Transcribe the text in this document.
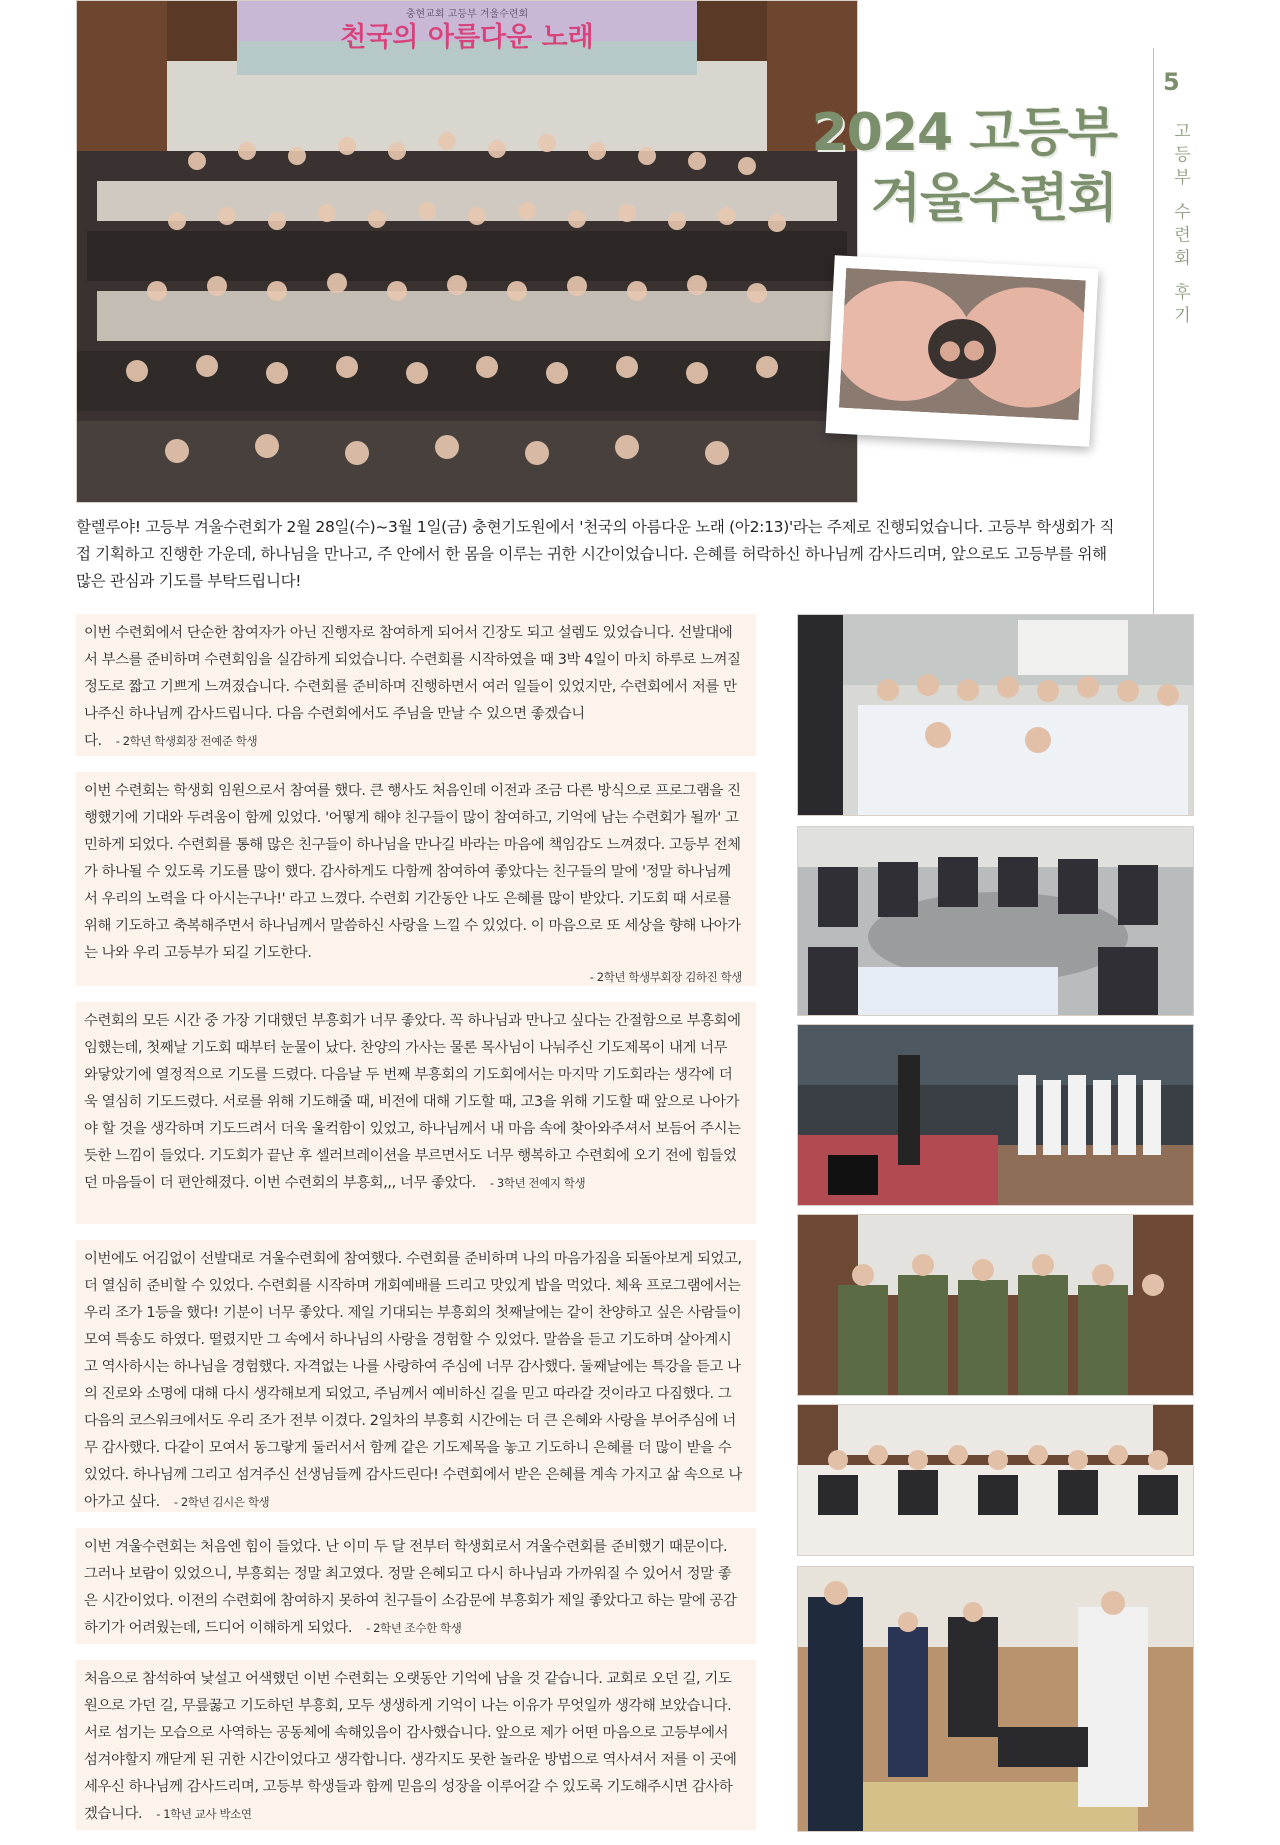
충현교회 고등부 겨울수련회
천국의 아름다운 노래
2024 고등부
겨울수련회
5
고등부 수련회 후기
할렐루야! 고등부 겨울수련회가 2월 28일(수)~3월 1일(금) 충현기도원에서 '천국의 아름다운 노래 (아2:13)'라는 주제로 진행되었습니다. 고등부 학생회가 직접 기획하고 진행한 가운데, 하나님을 만나고, 주 안에서 한 몸을 이루는 귀한 시간이었습니다. 은혜를 허락하신 하나님께 감사드리며, 앞으로도 고등부를 위해 많은 관심과 기도를 부탁드립니다!
이번 수련회에서 단순한 참여자가 아닌 진행자로 참여하게 되어서 긴장도 되고 설렘도 있었습니다. 선발대에서 부스를 준비하며 수련회임을 실감하게 되었습니다. 수련회를 시작하였을 때 3박 4일이 마치 하루로 느껴질 정도로 짧고 기쁘게 느껴졌습니다. 수련회를 준비하며 진행하면서 여러 일들이 있었지만, 수련회에서 저를 만나주신 하나님께 감사드립니다. 다음 수련회에서도 주님을 만날 수 있으면 좋겠습니다. - 2학년 학생회장 전예준 학생
이번 수련회는 학생회 임원으로서 참여를 했다. 큰 행사도 처음인데 이전과 조금 다른 방식으로 프로그램을 진행했기에 기대와 두려움이 함께 있었다. '어떻게 해야 친구들이 많이 참여하고, 기억에 남는 수련회가 될까' 고민하게 되었다. 수련회를 통해 많은 친구들이 하나님을 만나길 바라는 마음에 책임감도 느껴졌다. 고등부 전체가 하나될 수 있도록 기도를 많이 했다. 감사하게도 다함께 참여하여 좋았다는 친구들의 말에 '정말 하나님께서 우리의 노력을 다 아시는구나!' 라고 느꼈다. 수련회 기간동안 나도 은혜를 많이 받았다. 기도회 때 서로를 위해 기도하고 축복해주면서 하나님께서 말씀하신 사랑을 느낄 수 있었다. 이 마음으로 또 세상을 향해 나아가는 나와 우리 고등부가 되길 기도한다.
- 2학년 학생부회장 김하진 학생
수련회의 모든 시간 중 가장 기대했던 부흥회가 너무 좋았다. 꼭 하나님과 만나고 싶다는 간절함으로 부흥회에 임했는데, 첫째날 기도회 때부터 눈물이 났다. 찬양의 가사는 물론 목사님이 나눠주신 기도제목이 내게 너무 와닿았기에 열정적으로 기도를 드렸다. 다음날 두 번째 부흥회의 기도회에서는 마지막 기도회라는 생각에 더욱 열심히 기도드렸다. 서로를 위해 기도해줄 때, 비전에 대해 기도할 때, 고3을 위해 기도할 때 앞으로 나아가야 할 것을 생각하며 기도드려서 더욱 울컥함이 있었고, 하나님께서 내 마음 속에 찾아와주셔서 보듬어 주시는 듯한 느낌이 들었다. 기도회가 끝난 후 셀러브레이션을 부르면서도 너무 행복하고 수련회에 오기 전에 힘들었던 마음들이 더 편안해졌다. 이번 수련회의 부흥회,,, 너무 좋았다. - 3학년 전예지 학생
이번에도 어김없이 선발대로 겨울수련회에 참여했다. 수련회를 준비하며 나의 마음가짐을 되돌아보게 되었고, 더 열심히 준비할 수 있었다. 수련회를 시작하며 개회예배를 드리고 맛있게 밥을 먹었다. 체육 프로그램에서는 우리 조가 1등을 했다! 기분이 너무 좋았다. 제일 기대되는 부흥회의 첫째날에는 같이 찬양하고 싶은 사람들이 모여 특송도 하였다. 떨렸지만 그 속에서 하나님의 사랑을 경험할 수 있었다. 말씀을 듣고 기도하며 살아계시고 역사하시는 하나님을 경험했다. 자격없는 나를 사랑하여 주심에 너무 감사했다. 둘째날에는 특강을 듣고 나의 진로와 소명에 대해 다시 생각해보게 되었고, 주님께서 예비하신 길을 믿고 따라갈 것이라고 다짐했다. 그 다음의 코스워크에서도 우리 조가 전부 이겼다. 2일차의 부흥회 시간에는 더 큰 은혜와 사랑을 부어주심에 너무 감사했다. 다같이 모여서 동그랗게 둘러서서 함께 같은 기도제목을 놓고 기도하니 은혜를 더 많이 받을 수 있었다. 하나님께 그리고 섬겨주신 선생님들께 감사드린다! 수련회에서 받은 은혜를 계속 가지고 삶 속으로 나아가고 싶다. - 2학년 김시은 학생
이번 겨울수련회는 처음엔 힘이 들었다. 난 이미 두 달 전부터 학생회로서 겨울수련회를 준비했기 때문이다. 그러나 보람이 있었으니, 부흥회는 정말 최고였다. 정말 은혜되고 다시 하나님과 가까워질 수 있어서 정말 좋은 시간이었다. 이전의 수련회에 참여하지 못하여 친구들이 소감문에 부흥회가 제일 좋았다고 하는 말에 공감하기가 어려웠는데, 드디어 이해하게 되었다. - 2학년 조수한 학생
처음으로 참석하여 낯설고 어색했던 이번 수련회는 오랫동안 기억에 남을 것 같습니다. 교회로 오던 길, 기도원으로 가던 길, 무릎꿇고 기도하던 부흥회, 모두 생생하게 기억이 나는 이유가 무엇일까 생각해 보았습니다. 서로 섬기는 모습으로 사역하는 공동체에 속해있음이 감사했습니다. 앞으로 제가 어떤 마음으로 고등부에서 섬겨야할지 깨닫게 된 귀한 시간이었다고 생각합니다. 생각지도 못한 놀라운 방법으로 역사셔서 저를 이 곳에 세우신 하나님께 감사드리며, 고등부 학생들과 함께 믿음의 성장을 이루어갈 수 있도록 기도해주시면 감사하겠습니다. - 1학년 교사 박소연
